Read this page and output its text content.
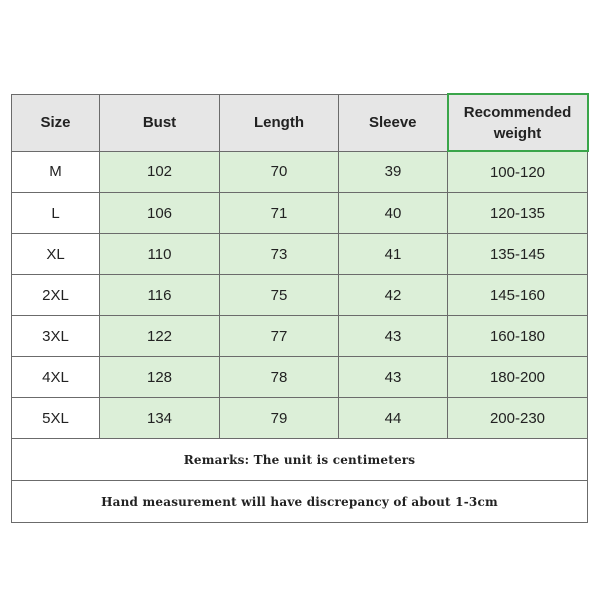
Size	Bust	Length	Sleeve	Recommended weight
M	102	70	39	100-120
L	106	71	40	120-135
XL	110	73	41	135-145
2XL	116	75	42	145-160
3XL	122	77	43	160-180
4XL	128	78	43	180-200
5XL	134	79	44	200-230
Remarks: The unit is centimeters				
Hand measurement will have discrepancy of about 1-3cm				
